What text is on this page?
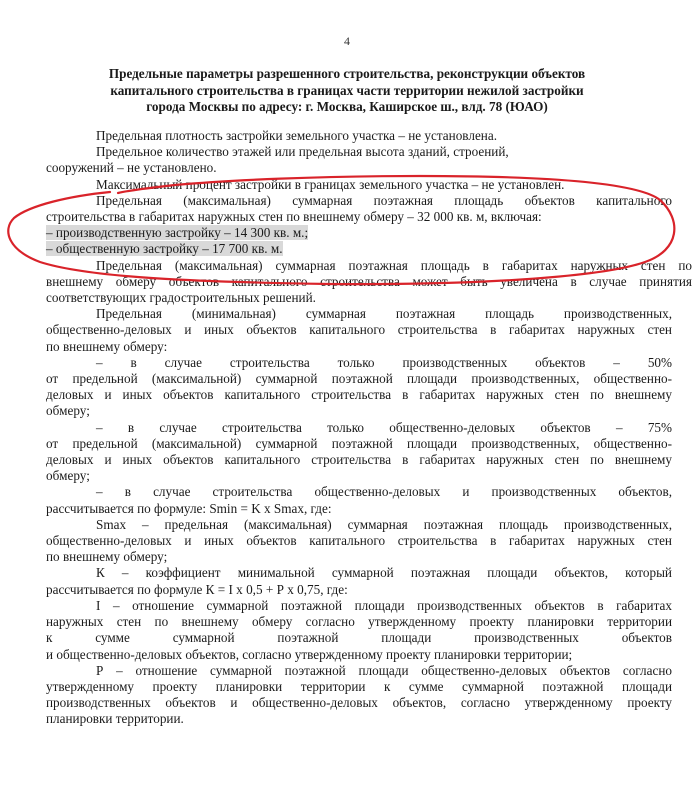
4
Предельные параметры разрешенного строительства, реконструкции объектов
капитального строительства в границах части территории нежилой застройки
города Москвы по адресу: г. Москва, Каширское ш., влд. 78 (ЮАО)
Предельная плотность застройки земельного участка – не установлена.
Предельное количество этажей или предельная высота зданий, строений,
сооружений – не установлено.
Максимальный процент застройки в границах земельного участка – не установлен.
Предельная (максимальная) суммарная поэтажная площадь объектов капитального
строительства в габаритах наружных стен по внешнему обмеру – 32 000 кв. м, включая:
– производственную застройку – 14 300 кв. м.;
– общественную застройку – 17 700 кв. м.
Предельная (максимальная) суммарная поэтажная площадь в габаритах наружных стен по
внешнему обмеру объектов капитального строительства может быть увеличена в случае принятия
соответствующих градостроительных решений.
Предельная (минимальная) суммарная поэтажная площадь производственных,
общественно-деловых и иных объектов капитального строительства в габаритах наружных стен
по внешнему обмеру:
– в случае строительства только производственных объектов – 50%
от предельной (максимальной) суммарной поэтажной площади производственных, общественно-
деловых и иных объектов капитального строительства в габаритах наружных стен по внешнему
обмеру;
– в случае строительства только общественно-деловых объектов – 75%
от предельной (максимальной) суммарной поэтажной площади производственных, общественно-
деловых и иных объектов капитального строительства в габаритах наружных стен по внешнему
обмеру;
– в случае строительства общественно-деловых и производственных объектов,
рассчитывается по формуле: Smin = K x Smax, где:
Smax – предельная (максимальная) суммарная поэтажная площадь производственных,
общественно-деловых и иных объектов капитального строительства в габаритах наружных стен
по внешнему обмеру;
К – коэффициент минимальной суммарной поэтажная площади объектов, который
рассчитывается по формуле К = I х 0,5 + Р х 0,75, где:
I – отношение суммарной поэтажной площади производственных объектов в габаритах
наружных стен по внешнему обмеру согласно утвержденному проекту планировки территории
к сумме суммарной поэтажной площади производственных объектов
и общественно-деловых объектов, согласно утвержденному проекту планировки территории;
Р – отношение суммарной поэтажной площади общественно-деловых объектов согласно
утвержденному проекту планировки территории к сумме суммарной поэтажной площади
производственных объектов и общественно-деловых объектов, согласно утвержденному проекту
планировки территории.
